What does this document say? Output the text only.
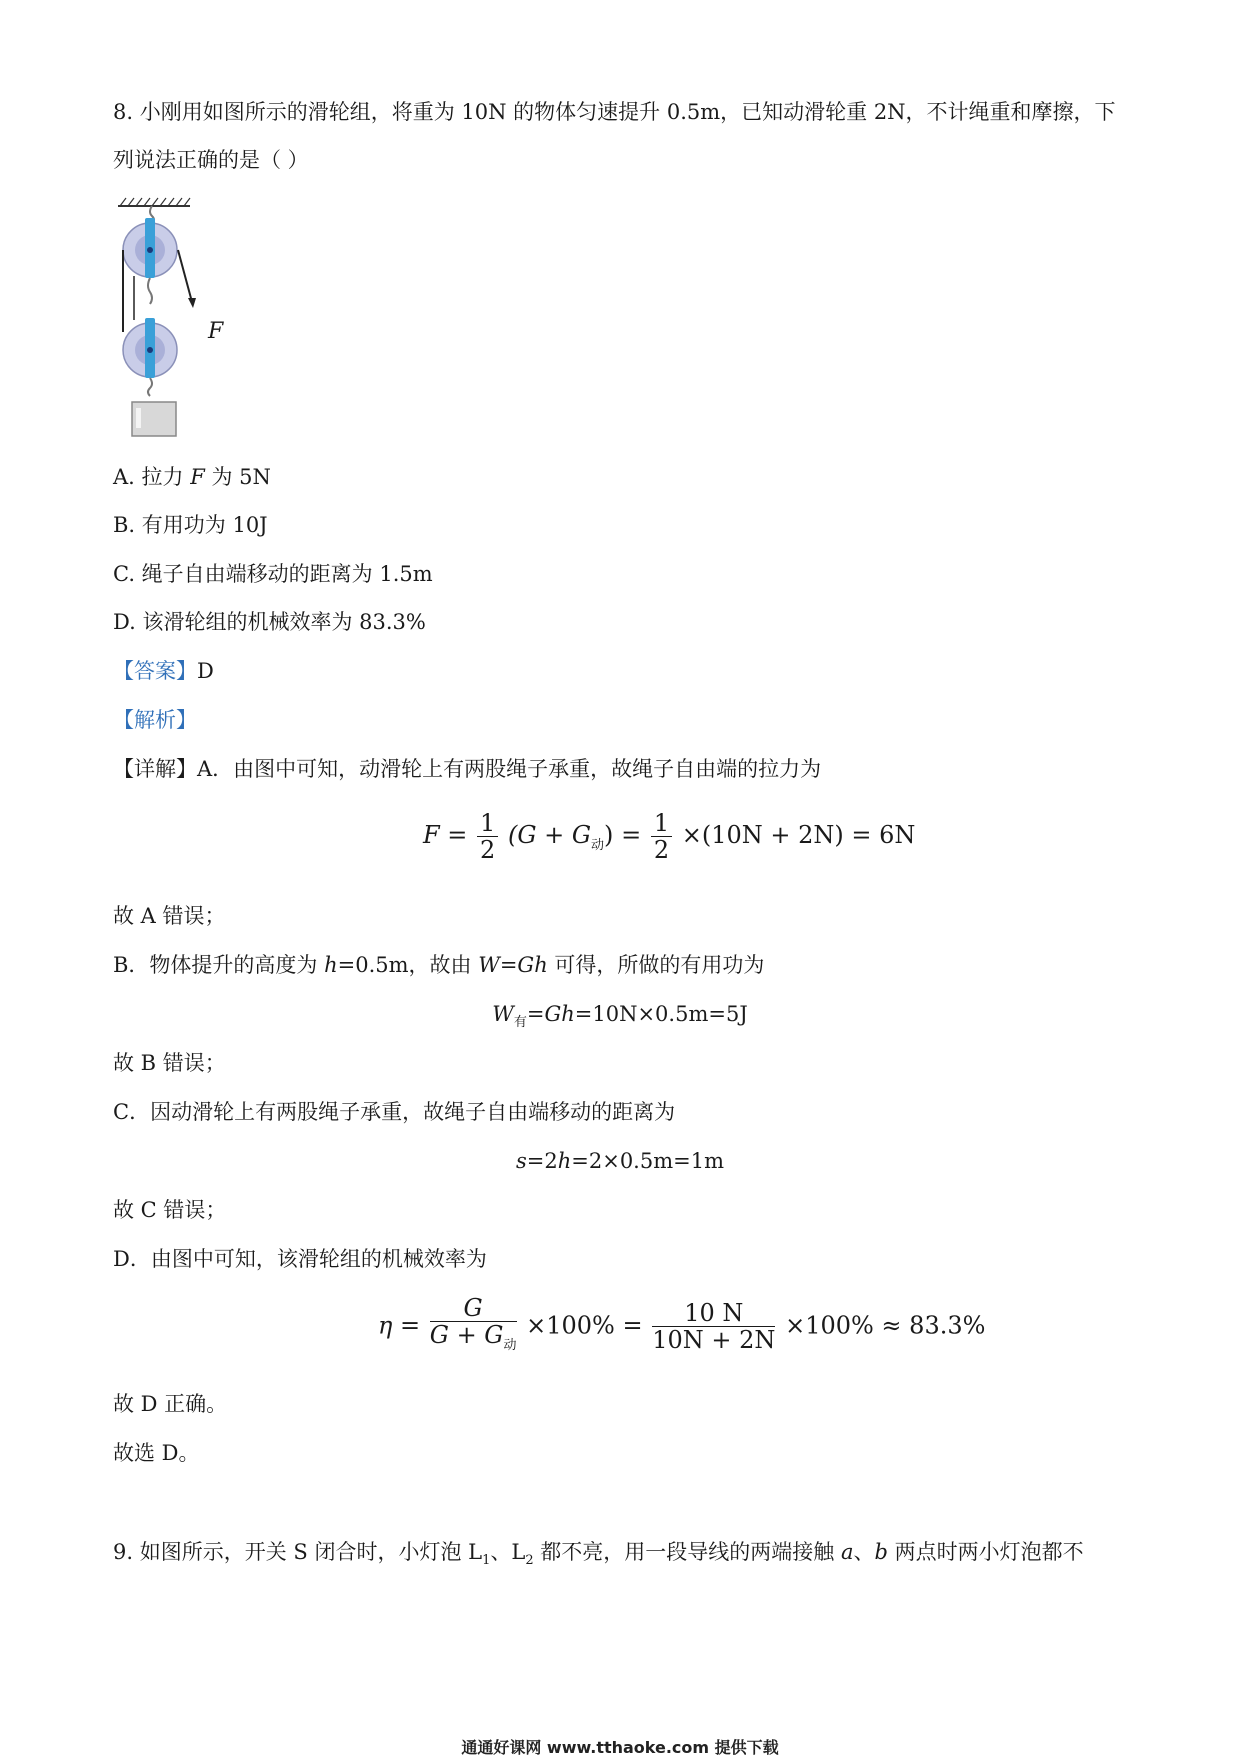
8. 小刚用如图所示的滑轮组，将重为 10N 的物体匀速提升 0.5m，已知动滑轮重 2N，不计绳重和摩擦，下
列说法正确的是（ ）
F
A. 拉力 F 为 5N
B. 有用功为 10J
C. 绳子自由端移动的距离为 1.5m
D. 该滑轮组的机械效率为 83.3%
【答案】D
【解析】
【详解】A．由图中可知，动滑轮上有两股绳子承重，故绳子自由端的拉力为
$F = \frac{1}{2} (G + G_动) = \frac{1}{2} \times(10N + 2N) = 6N$
故 A 错误；
B．物体提升的高度为 h=0.5m，故由 W=Gh 可得，所做的有用功为
$W_有=Gh=10N\times 0.5m=5J$
故 B 错误；
C．因动滑轮上有两股绳子承重，故绳子自由端移动的距离为
s=2h=2×0.5m=1m
故 C 错误；
D．由图中可知，该滑轮组的机械效率为
$\eta = \frac{G}{G + G_动} \times 100\% = \frac{10 N}{10N + 2N} \times 100\% \approx 83.3\%$
故 D 正确。
故选 D。
9. 如图所示，开关 S 闭合时，小灯泡 $L_1$、$L_2$ 都不亮，用一段导线的两端接触 a、b 两点时两小灯泡都不
通通好课网 www.tthaoke.com 提供下载
